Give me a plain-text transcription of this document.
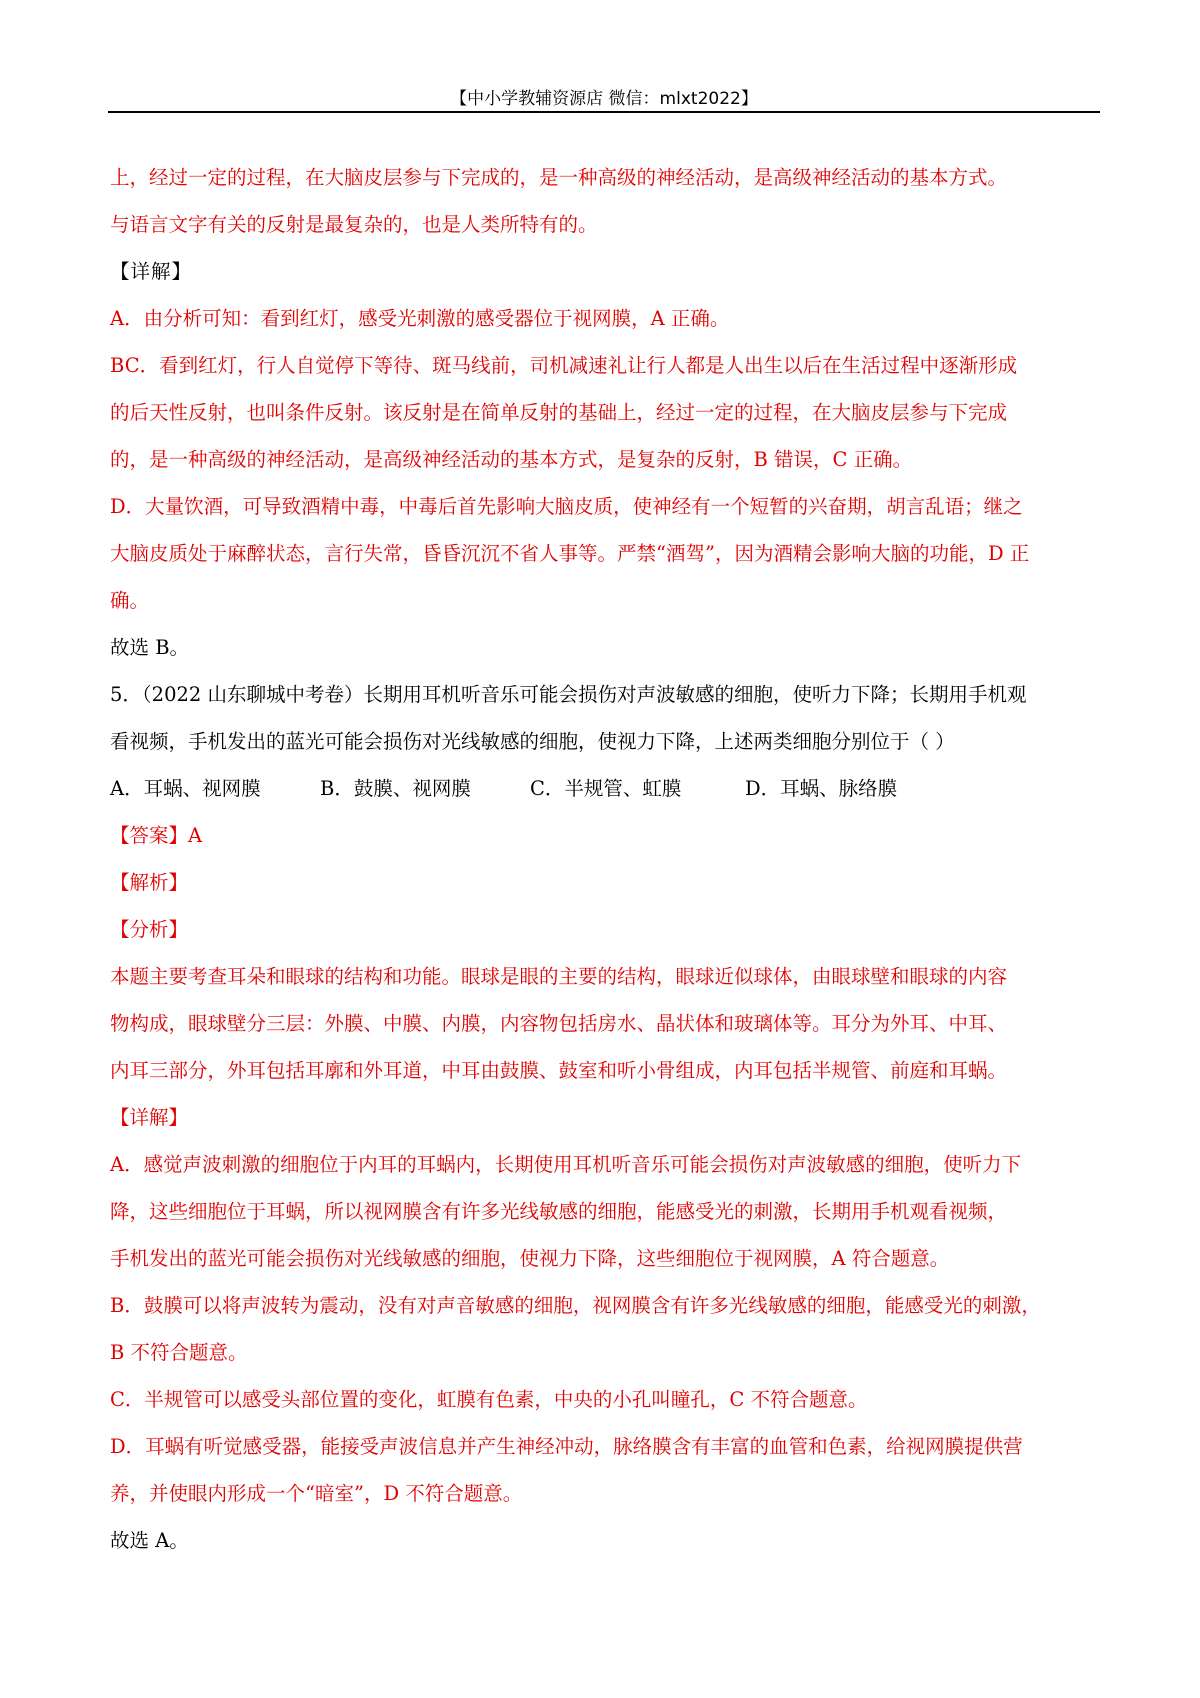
【中小学教辅资源店 微信：mlxt2022】

上，经过一定的过程，在大脑皮层参与下完成的，是一种高级的神经活动，是高级神经活动的基本方式。

与语言文字有关的反射是最复杂的，也是人类所特有的。

【详解】

A．由分析可知：看到红灯，感受光刺激的感受器位于视网膜，A 正确。

BC．看到红灯，行人自觉停下等待、斑马线前，司机减速礼让行人都是人出生以后在生活过程中逐渐形成

的后天性反射，也叫条件反射。该反射是在简单反射的基础上，经过一定的过程，在大脑皮层参与下完成

的，是一种高级的神经活动，是高级神经活动的基本方式，是复杂的反射，B 错误，C 正确。

D．大量饮酒，可导致酒精中毒，中毒后首先影响大脑皮质，使神经有一个短暂的兴奋期，胡言乱语；继之

大脑皮质处于麻醉状态，言行失常，昏昏沉沉不省人事等。严禁“酒驾”，因为酒精会影响大脑的功能，D 正

确。

故选 B。

5．（2022 山东聊城中考卷）长期用耳机听音乐可能会损伤对声波敏感的细胞，使听力下降；长期用手机观

看视频，手机发出的蓝光可能会损伤对光线敏感的细胞，使视力下降，上述两类细胞分别位于（ ）

A．耳蜗、视网膜	B．鼓膜、视网膜	C．半规管、虹膜	D．耳蜗、脉络膜

【答案】A

【解析】

【分析】

本题主要考查耳朵和眼球的结构和功能。眼球是眼的主要的结构，眼球近似球体，由眼球壁和眼球的内容

物构成，眼球壁分三层：外膜、中膜、内膜，内容物包括房水、晶状体和玻璃体等。耳分为外耳、中耳、

内耳三部分，外耳包括耳廓和外耳道，中耳由鼓膜、鼓室和听小骨组成，内耳包括半规管、前庭和耳蜗。

【详解】

A．感觉声波刺激的细胞位于内耳的耳蜗内，长期使用耳机听音乐可能会损伤对声波敏感的细胞，使听力下

降，这些细胞位于耳蜗，所以视网膜含有许多光线敏感的细胞，能感受光的刺激，长期用手机观看视频，

手机发出的蓝光可能会损伤对光线敏感的细胞，使视力下降，这些细胞位于视网膜，A 符合题意。

B．鼓膜可以将声波转为震动，没有对声音敏感的细胞，视网膜含有许多光线敏感的细胞，能感受光的刺激，

B 不符合题意。

C．半规管可以感受头部位置的变化，虹膜有色素，中央的小孔叫瞳孔，C 不符合题意。

D．耳蜗有听觉感受器，能接受声波信息并产生神经冲动，脉络膜含有丰富的血管和色素，给视网膜提供营

养，并使眼内形成一个“暗室”，D 不符合题意。

故选 A。
